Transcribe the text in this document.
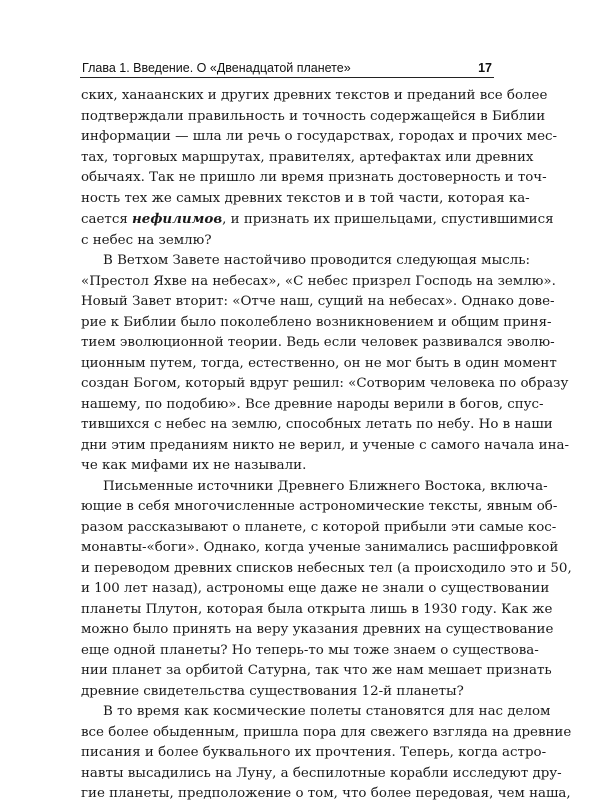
Глава 1. Введение. О «Двенадцатой планете»	17
ских, ханаанских и других древних текстов и преданий все более
подтверждали правильность и точность содержащейся в Библии
информации — шла ли речь о государствах, городах и прочих мес-
тах, торговых маршрутах, правителях, артефактах или древних
обычаях. Так не пришло ли время признать достоверность и точ-
ность тех же самых древних текстов и в той части, которая ка-
сается нефилимов, и признать их пришельцами, спустившимися
с небес на землю?
В Ветхом Завете настойчиво проводится следующая мысль:
«Престол Яхве на небесах», «С небес призрел Господь на землю».
Новый Завет вторит: «Отче наш, сущий на небесах». Однако дове-
рие к Библии было поколеблено возникновением и общим приня-
тием эволюционной теории. Ведь если человек развивался эволю-
ционным путем, тогда, естественно, он не мог быть в один момент
создан Богом, который вдруг решил: «Сотворим человека по образу
нашему, по подобию». Все древние народы верили в богов, спус-
тившихся с небес на землю, способных летать по небу. Но в наши
дни этим преданиям никто не верил, и ученые с самого начала ина-
че как мифами их не называли.
Письменные источники Древнего Ближнего Востока, включа-
ющие в себя многочисленные астрономические тексты, явным об-
разом рассказывают о планете, с которой прибыли эти самые кос-
монавты-«боги». Однако, когда ученые занимались расшифровкой
и переводом древних списков небесных тел (а происходило это и 50,
и 100 лет назад), астрономы еще даже не знали о существовании
планеты Плутон, которая была открыта лишь в 1930 году. Как же
можно было принять на веру указания древних на существование
еще одной планеты? Но теперь-то мы тоже знаем о существова-
нии планет за орбитой Сатурна, так что же нам мешает признать
древние свидетельства существования 12-й планеты?
В то время как космические полеты становятся для нас делом
все более обыденным, пришла пора для свежего взгляда на древние
писания и более буквального их прочтения. Теперь, когда астро-
навты высадились на Луну, а беспилотные корабли исследуют дру-
гие планеты, предположение о том, что более передовая, чем наша,
